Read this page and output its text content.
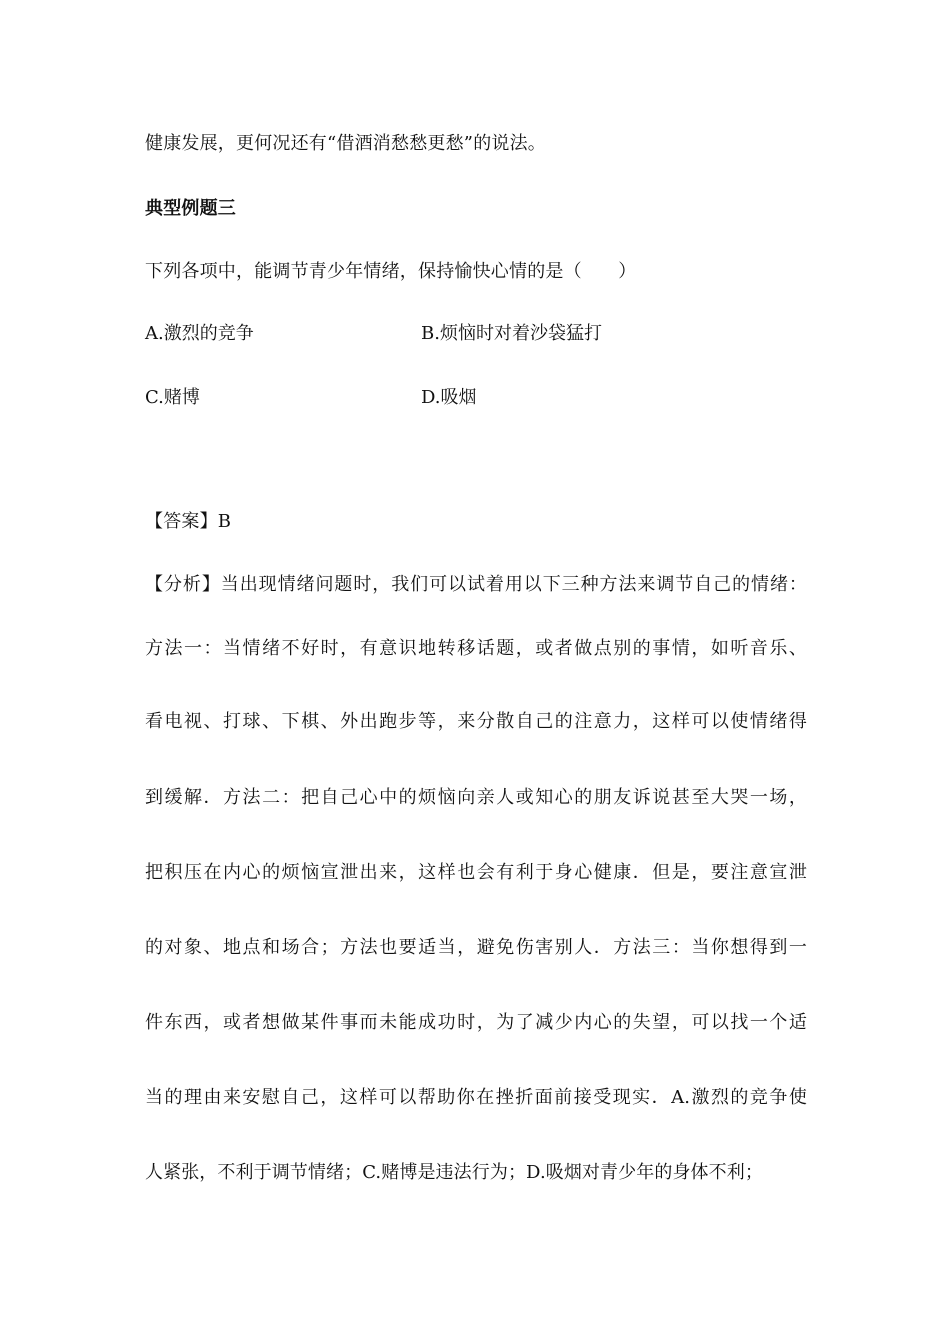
健康发展，更何况还有“借酒消愁愁更愁”的说法。
典型例题三
下列各项中，能调节青少年情绪，保持愉快心情的是（　　）
A.激烈的竞争	B.烦恼时对着沙袋猛打
C.赌博	D.吸烟
【答案】B
【分析】当出现情绪问题时，我们可以试着用以下三种方法来调节自己的情绪：
方法一：当情绪不好时，有意识地转移话题，或者做点别的事情，如听音乐、
看电视、打球、下棋、外出跑步等，来分散自己的注意力，这样可以使情绪得
到缓解．方法二：把自己心中的烦恼向亲人或知心的朋友诉说甚至大哭一场，
把积压在内心的烦恼宣泄出来，这样也会有利于身心健康．但是，要注意宣泄
的对象、地点和场合；方法也要适当，避免伤害别人．方法三：当你想得到一
件东西，或者想做某件事而未能成功时，为了减少内心的失望，可以找一个适
当的理由来安慰自己，这样可以帮助你在挫折面前接受现实．A.激烈的竞争使
人紧张，不利于调节情绪；C.赌博是违法行为；D.吸烟对青少年的身体不利；
